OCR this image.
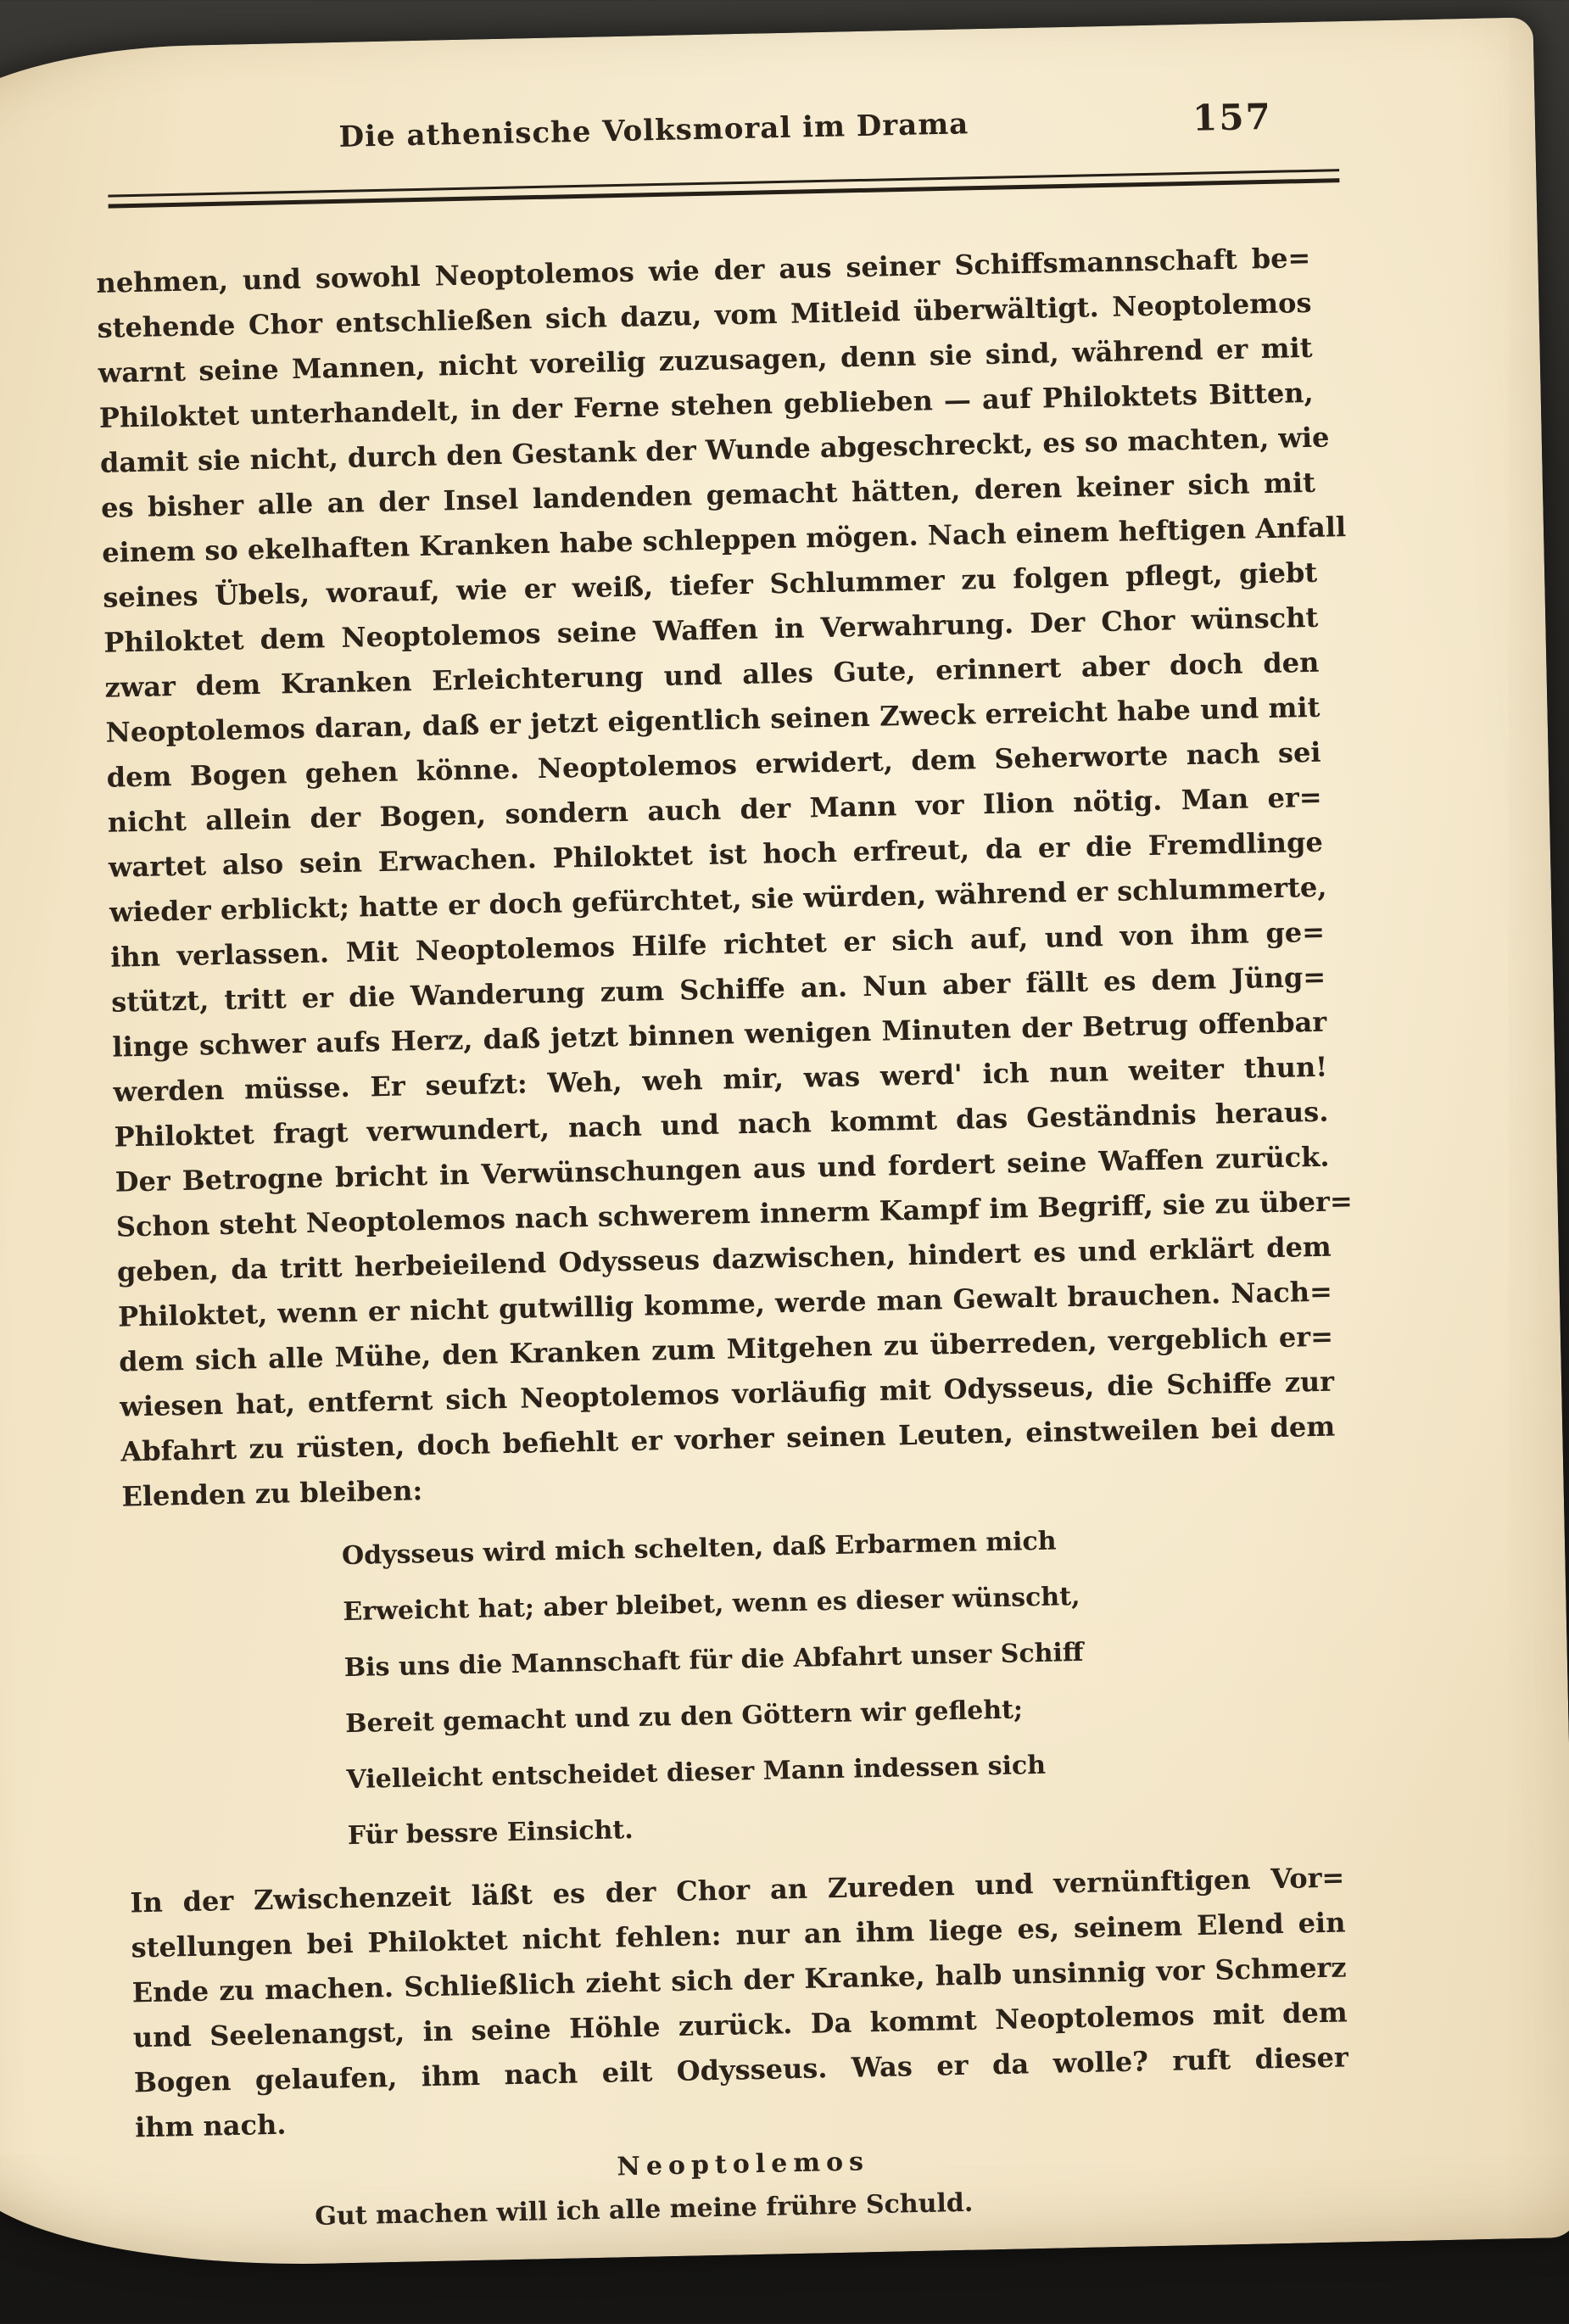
Die athenische Volksmoral im Drama	157
nehmen, und sowohl Neoptolemos wie der aus seiner Schiffsmannschaft be=
stehende Chor entschließen sich dazu, vom Mitleid überwältigt. Neoptolemos
warnt seine Mannen, nicht voreilig zuzusagen, denn sie sind, während er mit
Philoktet unterhandelt, in der Ferne stehen geblieben — auf Philoktets Bitten,
damit sie nicht, durch den Gestank der Wunde abgeschreckt, es so machten, wie
es bisher alle an der Insel landenden gemacht hätten, deren keiner sich mit
einem so ekelhaften Kranken habe schleppen mögen. Nach einem heftigen Anfall
seines Übels, worauf, wie er weiß, tiefer Schlummer zu folgen pflegt, giebt
Philoktet dem Neoptolemos seine Waffen in Verwahrung. Der Chor wünscht
zwar dem Kranken Erleichterung und alles Gute, erinnert aber doch den
Neoptolemos daran, daß er jetzt eigentlich seinen Zweck erreicht habe und mit
dem Bogen gehen könne. Neoptolemos erwidert, dem Seherworte nach sei
nicht allein der Bogen, sondern auch der Mann vor Ilion nötig. Man er=
wartet also sein Erwachen. Philoktet ist hoch erfreut, da er die Fremdlinge
wieder erblickt; hatte er doch gefürchtet, sie würden, während er schlummerte,
ihn verlassen. Mit Neoptolemos Hilfe richtet er sich auf, und von ihm ge=
stützt, tritt er die Wanderung zum Schiffe an. Nun aber fällt es dem Jüng=
linge schwer aufs Herz, daß jetzt binnen wenigen Minuten der Betrug offenbar
werden müsse. Er seufzt: Weh, weh mir, was werd' ich nun weiter thun!
Philoktet fragt verwundert, nach und nach kommt das Geständnis heraus.
Der Betrogne bricht in Verwünschungen aus und fordert seine Waffen zurück.
Schon steht Neoptolemos nach schwerem innerm Kampf im Begriff, sie zu über=
geben, da tritt herbeieilend Odysseus dazwischen, hindert es und erklärt dem
Philoktet, wenn er nicht gutwillig komme, werde man Gewalt brauchen. Nach=
dem sich alle Mühe, den Kranken zum Mitgehen zu überreden, vergeblich er=
wiesen hat, entfernt sich Neoptolemos vorläufig mit Odysseus, die Schiffe zur
Abfahrt zu rüsten, doch befiehlt er vorher seinen Leuten, einstweilen bei dem
Elenden zu bleiben:
Odysseus wird mich schelten, daß Erbarmen mich
Erweicht hat; aber bleibet, wenn es dieser wünscht,
Bis uns die Mannschaft für die Abfahrt unser Schiff
Bereit gemacht und zu den Göttern wir gefleht;
Vielleicht entscheidet dieser Mann indessen sich
Für bessre Einsicht.
In der Zwischenzeit läßt es der Chor an Zureden und vernünftigen Vor=
stellungen bei Philoktet nicht fehlen: nur an ihm liege es, seinem Elend ein
Ende zu machen. Schließlich zieht sich der Kranke, halb unsinnig vor Schmerz
und Seelenangst, in seine Höhle zurück. Da kommt Neoptolemos mit dem
Bogen gelaufen, ihm nach eilt Odysseus. Was er da wolle? ruft dieser
ihm nach.
Neoptolemos
Gut machen will ich alle meine frühre Schuld.
